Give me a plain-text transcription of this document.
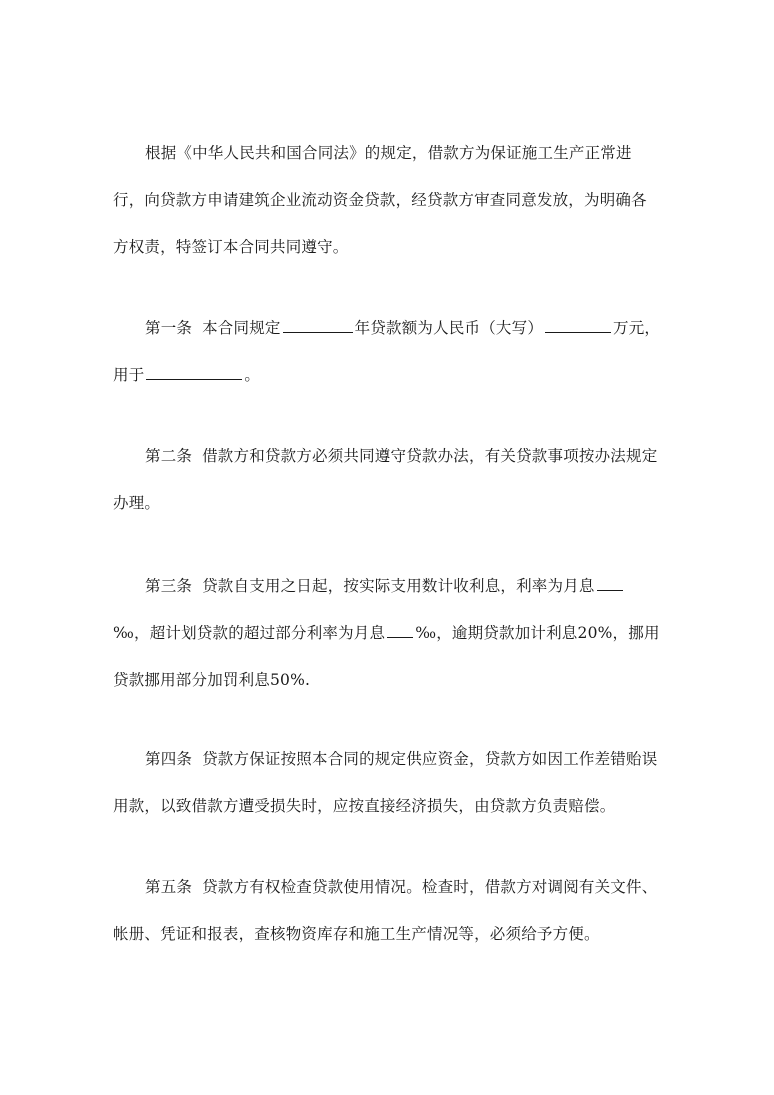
根据《中华人民共和国合同法》的规定，借款方为保证施工生产正常进行，向贷款方申请建筑企业流动资金贷款，经贷款方审查同意发放，为明确各方权责，特签订本合同共同遵守。
第一条 本合同规定	年贷款额为人民币（大写）	万元，用于	。
第二条 借款方和贷款方必须共同遵守贷款办法，有关贷款事项按办法规定办理。
第三条 贷款自支用之日起，按实际支用数计收利息，利率为月息‰，超计划贷款的超过部分利率为月息 ‰，逾期贷款加计利息20%，挪用贷款挪用部分加罚利息50%.
第四条 贷款方保证按照本合同的规定供应资金，贷款方如因工作差错贻误用款，以致借款方遭受损失时，应按直接经济损失，由贷款方负责赔偿。
第五条 贷款方有权检查贷款使用情况。检查时，借款方对调阅有关文件、帐册、凭证和报表，查核物资库存和施工生产情况等，必须给予方便。
